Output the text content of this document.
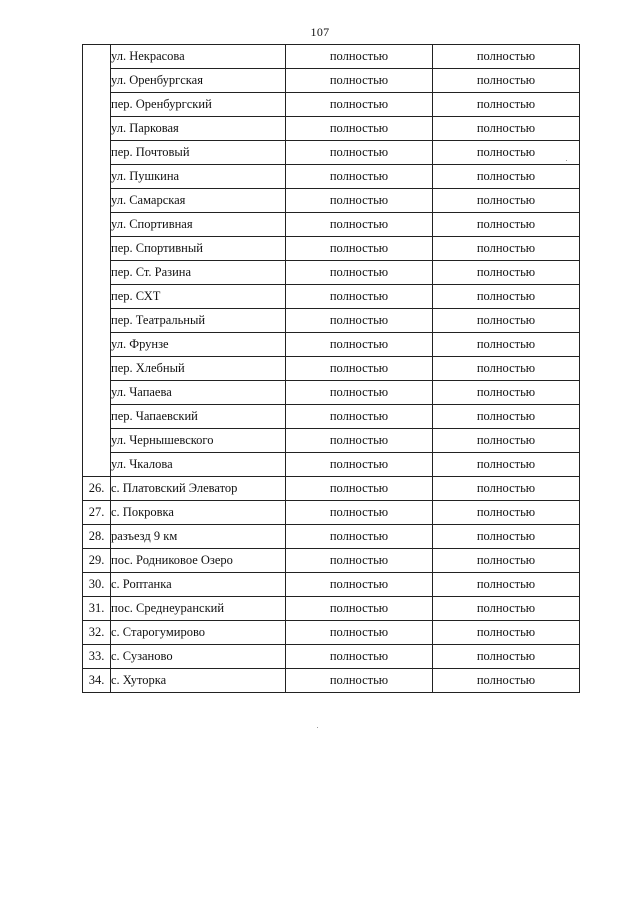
107
	ул. Некрасова	полностью	полностью
	ул. Оренбургская	полностью	полностью
	пер. Оренбургский	полностью	полностью
	ул. Парковая	полностью	полностью
	пер. Почтовый	полностью	полностью
	ул. Пушкина	полностью	полностью
	ул. Самарская	полностью	полностью
	ул. Спортивная	полностью	полностью
	пер. Спортивный	полностью	полностью
	пер. Ст. Разина	полностью	полностью
	пер. СХТ	полностью	полностью
	пер. Театральный	полностью	полностью
	ул. Фрунзе	полностью	полностью
	пер. Хлебный	полностью	полностью
	ул. Чапаева	полностью	полностью
	пер. Чапаевский	полностью	полностью
	ул. Чернышевского	полностью	полностью
	ул. Чкалова	полностью	полностью
26.	с. Платовский Элеватор	полностью	полностью
27.	с. Покровка	полностью	полностью
28.	разъезд 9 км	полностью	полностью
29.	пос. Родниковое Озеро	полностью	полностью
30.	с. Роптанка	полностью	полностью
31.	пос. Среднеуранский	полностью	полностью
32.	с. Старогумирово	полностью	полностью
33.	с. Сузаново	полностью	полностью
34.	с. Хуторка	полностью	полностью
